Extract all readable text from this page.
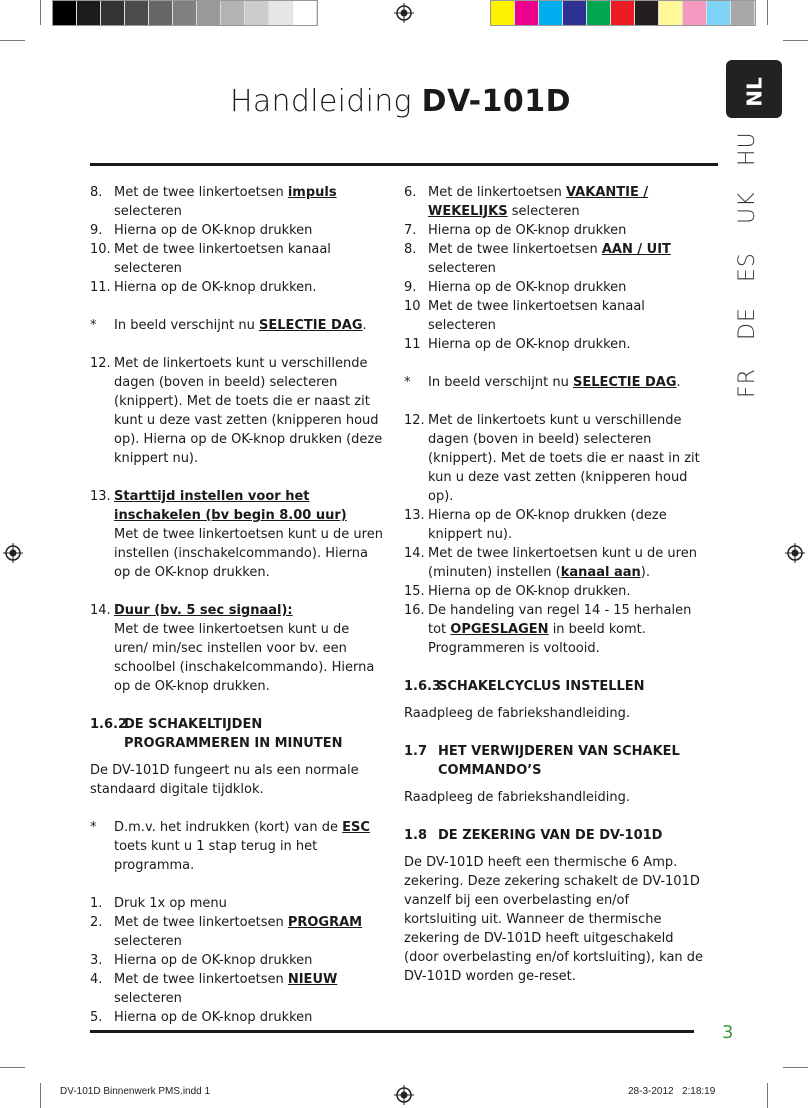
Handleiding DV-101D	NL
HU
UK
ES
DE
FR
8. Met de twee linkertoetsen impuls selecteren
9. Hierna op de OK-knop drukken
10. Met de twee linkertoetsen kanaal selecteren
11. Hierna op de OK-knop drukken.
*	In beeld verschijnt nu SELECTIE DAG.
12. Met de linkertoets kunt u verschillende dagen (boven in beeld) selecteren (knippert). Met de toets die er naast zit kunt u deze vast zetten (knipperen houd op). Hierna op de OK-knop drukken (deze knippert nu).
13. Starttijd instellen voor het inschakelen (bv begin 8.00 uur)
Met de twee linkertoetsen kunt u de uren instellen (inschakelcommando). Hierna op de OK-knop drukken.
14. Duur (bv. 5 sec signaal):
Met de twee linkertoetsen kunt u de uren/ min/sec instellen voor bv. een schoolbel (inschakelcommando). Hierna op de OK-knop drukken.
1.6.2
DE SCHAKELTIJDEN PROGRAMMEREN IN MINUTEN

De DV-101D fungeert nu als een normale standaard digitale tijdklok.

*	D.m.v. het indrukken (kort) van de ESC toets kunt u 1 stap terug in het programma.
1. Druk 1x op menu
2. Met de twee linkertoetsen PROGRAM selecteren
3. Hierna op de OK-knop drukken
4. Met de twee linkertoetsen NIEUW selecteren
5. Hierna op de OK-knop drukken
6. Met de linkertoetsen VAKANTIE / WEKELIJKS selecteren
7. Hierna op de OK-knop drukken
8. Met de twee linkertoetsen AAN / UIT selecteren
9. Hierna op de OK-knop drukken
10 Met de twee linkertoetsen kanaal selecteren
11 Hierna op de OK-knop drukken.
*	In beeld verschijnt nu SELECTIE DAG.
12. Met de linkertoets kunt u verschillende dagen (boven in beeld) selecteren (knippert). Met de toets die er naast in zit kun u deze vast zetten (knipperen houd op).
13. Hierna op de OK-knop drukken (deze knippert nu).
14. Met de twee linkertoetsen kunt u de uren (minuten) instellen (kanaal aan).
15. Hierna op de OK-knop drukken.
16. De handeling van regel 14 - 15 herhalen tot OPGESLAGEN in beeld komt. Programmeren is voltooid.
1.6.3
SCHAKELCYCLUS INSTELLEN

Raadpleeg de fabriekshandleiding.

1.7 HET VERWIJDEREN VAN SCHAKEL COMMANDO’S

Raadpleeg de fabriekshandleiding.

1.8 DE ZEKERING VAN DE DV-101D

De DV-101D heeft een thermische 6 Amp. zekering. Deze zekering schakelt de DV-101D vanzelf bij een overbelasting en/of kortsluiting uit. Wanneer de thermische zekering de DV-101D heeft uitgeschakeld (door overbelasting en/of kortsluiting), kan de DV-101D worden ge-reset.

3
DV-101D Binnenwerk PMS.indd 1	28-3-2012 2:18:19
